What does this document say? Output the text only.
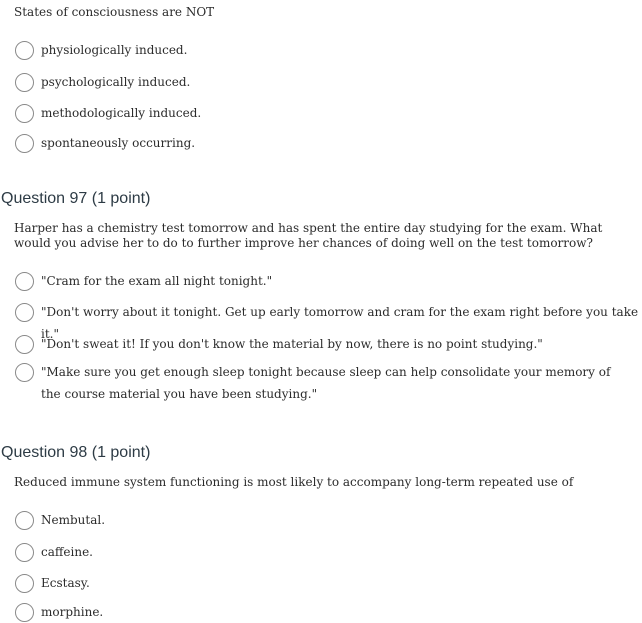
States of consciousness are NOT
physiologically induced.
psychologically induced.
methodologically induced.
spontaneously occurring.
Question 97 (1 point)
Harper has a chemistry test tomorrow and has spent the entire day studying for the exam. What would you advise her to do to further improve her chances of doing well on the test tomorrow?
"Cram for the exam all night tonight."
"Don't worry about it tonight. Get up early tomorrow and cram for the exam right before you take it."
"Don't sweat it! If you don't know the material by now, there is no point studying."
"Make sure you get enough sleep tonight because sleep can help consolidate your memory of the course material you have been studying."
Question 98 (1 point)
Reduced immune system functioning is most likely to accompany long-term repeated use of
Nembutal.
caffeine.
Ecstasy.
morphine.
